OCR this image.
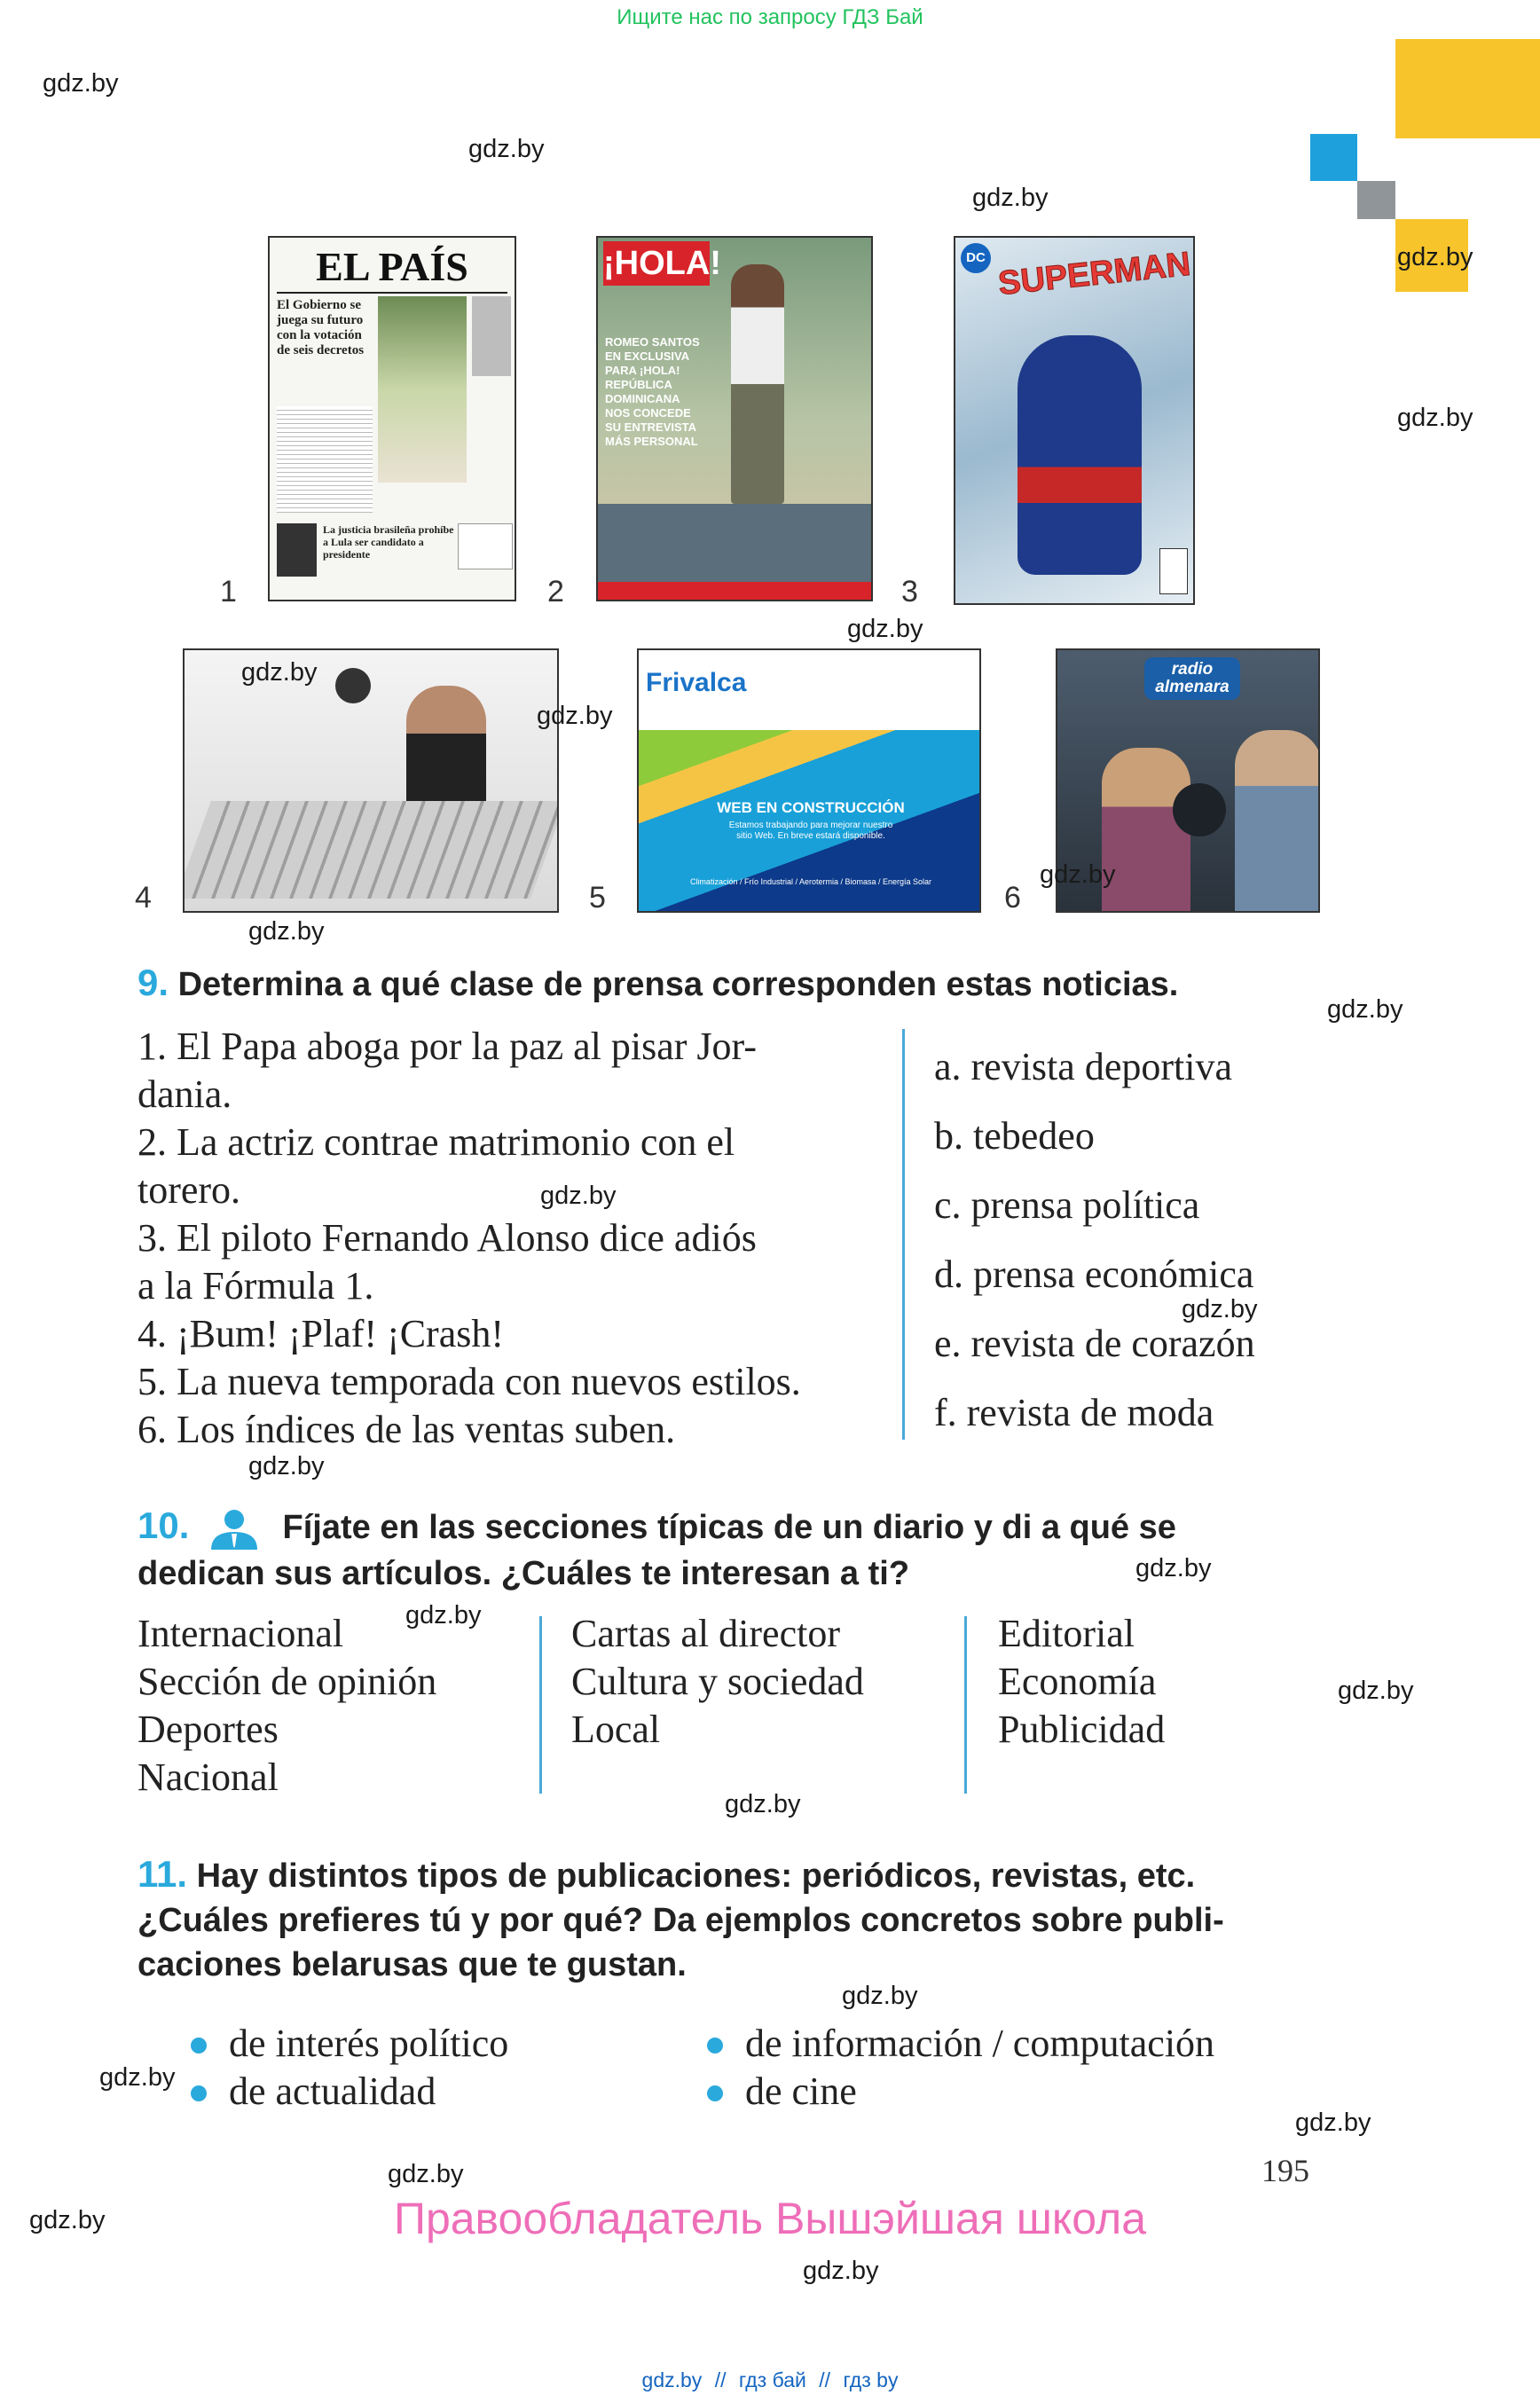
Ищите нас по запросу ГДЗ Бай
EL PAÍS
El Gobierno se juega su futuro con la votación de seis decretos
La justicia brasileña prohíbe a Lula ser candidato a presidente
1
¡HOLA!
ROMEO SANTOS EN EXCLUSIVA PARA ¡HOLA! REPÚBLICA DOMINICANA NOS CONCEDE SU ENTREVISTA MÁS PERSONAL
2
DC SUPERMAN
3
4
Frivalca
WEB EN CONSTRUCCIÓN
Estamos trabajando para mejorar nuestro sitio Web. En breve estará disponible.
Climatización / Frío Industrial / Aerotermia / Biomasa / Energía Solar
5
radio almenara
6
9. Determina a qué clase de prensa corresponden estas noticias.
1. El Papa aboga por la paz al pisar Jor-
dania.
2. La actriz contrae matrimonio con el
torero.
3. El piloto Fernando Alonso dice adiós
a la Fórmula 1.
4. ¡Bum! ¡Plaf! ¡Crash!
5. La nueva temporada con nuevos estilos.
6. Los índices de las ventas suben.
a. revista deportiva
b. tebedeo
c. prensa política
d. prensa económica
e. revista de corazón
f. revista de moda
10.	Fíjate en las secciones típicas de un diario y di a qué se
dedican sus artículos. ¿Cuáles te interesan a ti?
Internacional
Sección de opinión
Deportes
Nacional
Cartas al director
Cultura y sociedad
Local
Editorial
Economía
Publicidad
11. Hay distintos tipos de publicaciones: periódicos, revistas, etc.
¿Cuáles prefieres tú y por qué? Da ejemplos concretos sobre publi-
caciones belarusas que te gustan.
de interés político
de actualidad
de información / computación
de cine
195
Правообладатель Вышэйшая школа
gdz.by // гдз бай // гдз by
gdz.by
gdz.by
gdz.by
gdz.by
gdz.by
gdz.by
gdz.by
gdz.by
gdz.by
gdz.by
gdz.by
gdz.by
gdz.by
gdz.by
gdz.by
gdz.by
gdz.by
gdz.by
gdz.by
gdz.by
gdz.by
gdz.by
gdz.by
gdz.by
